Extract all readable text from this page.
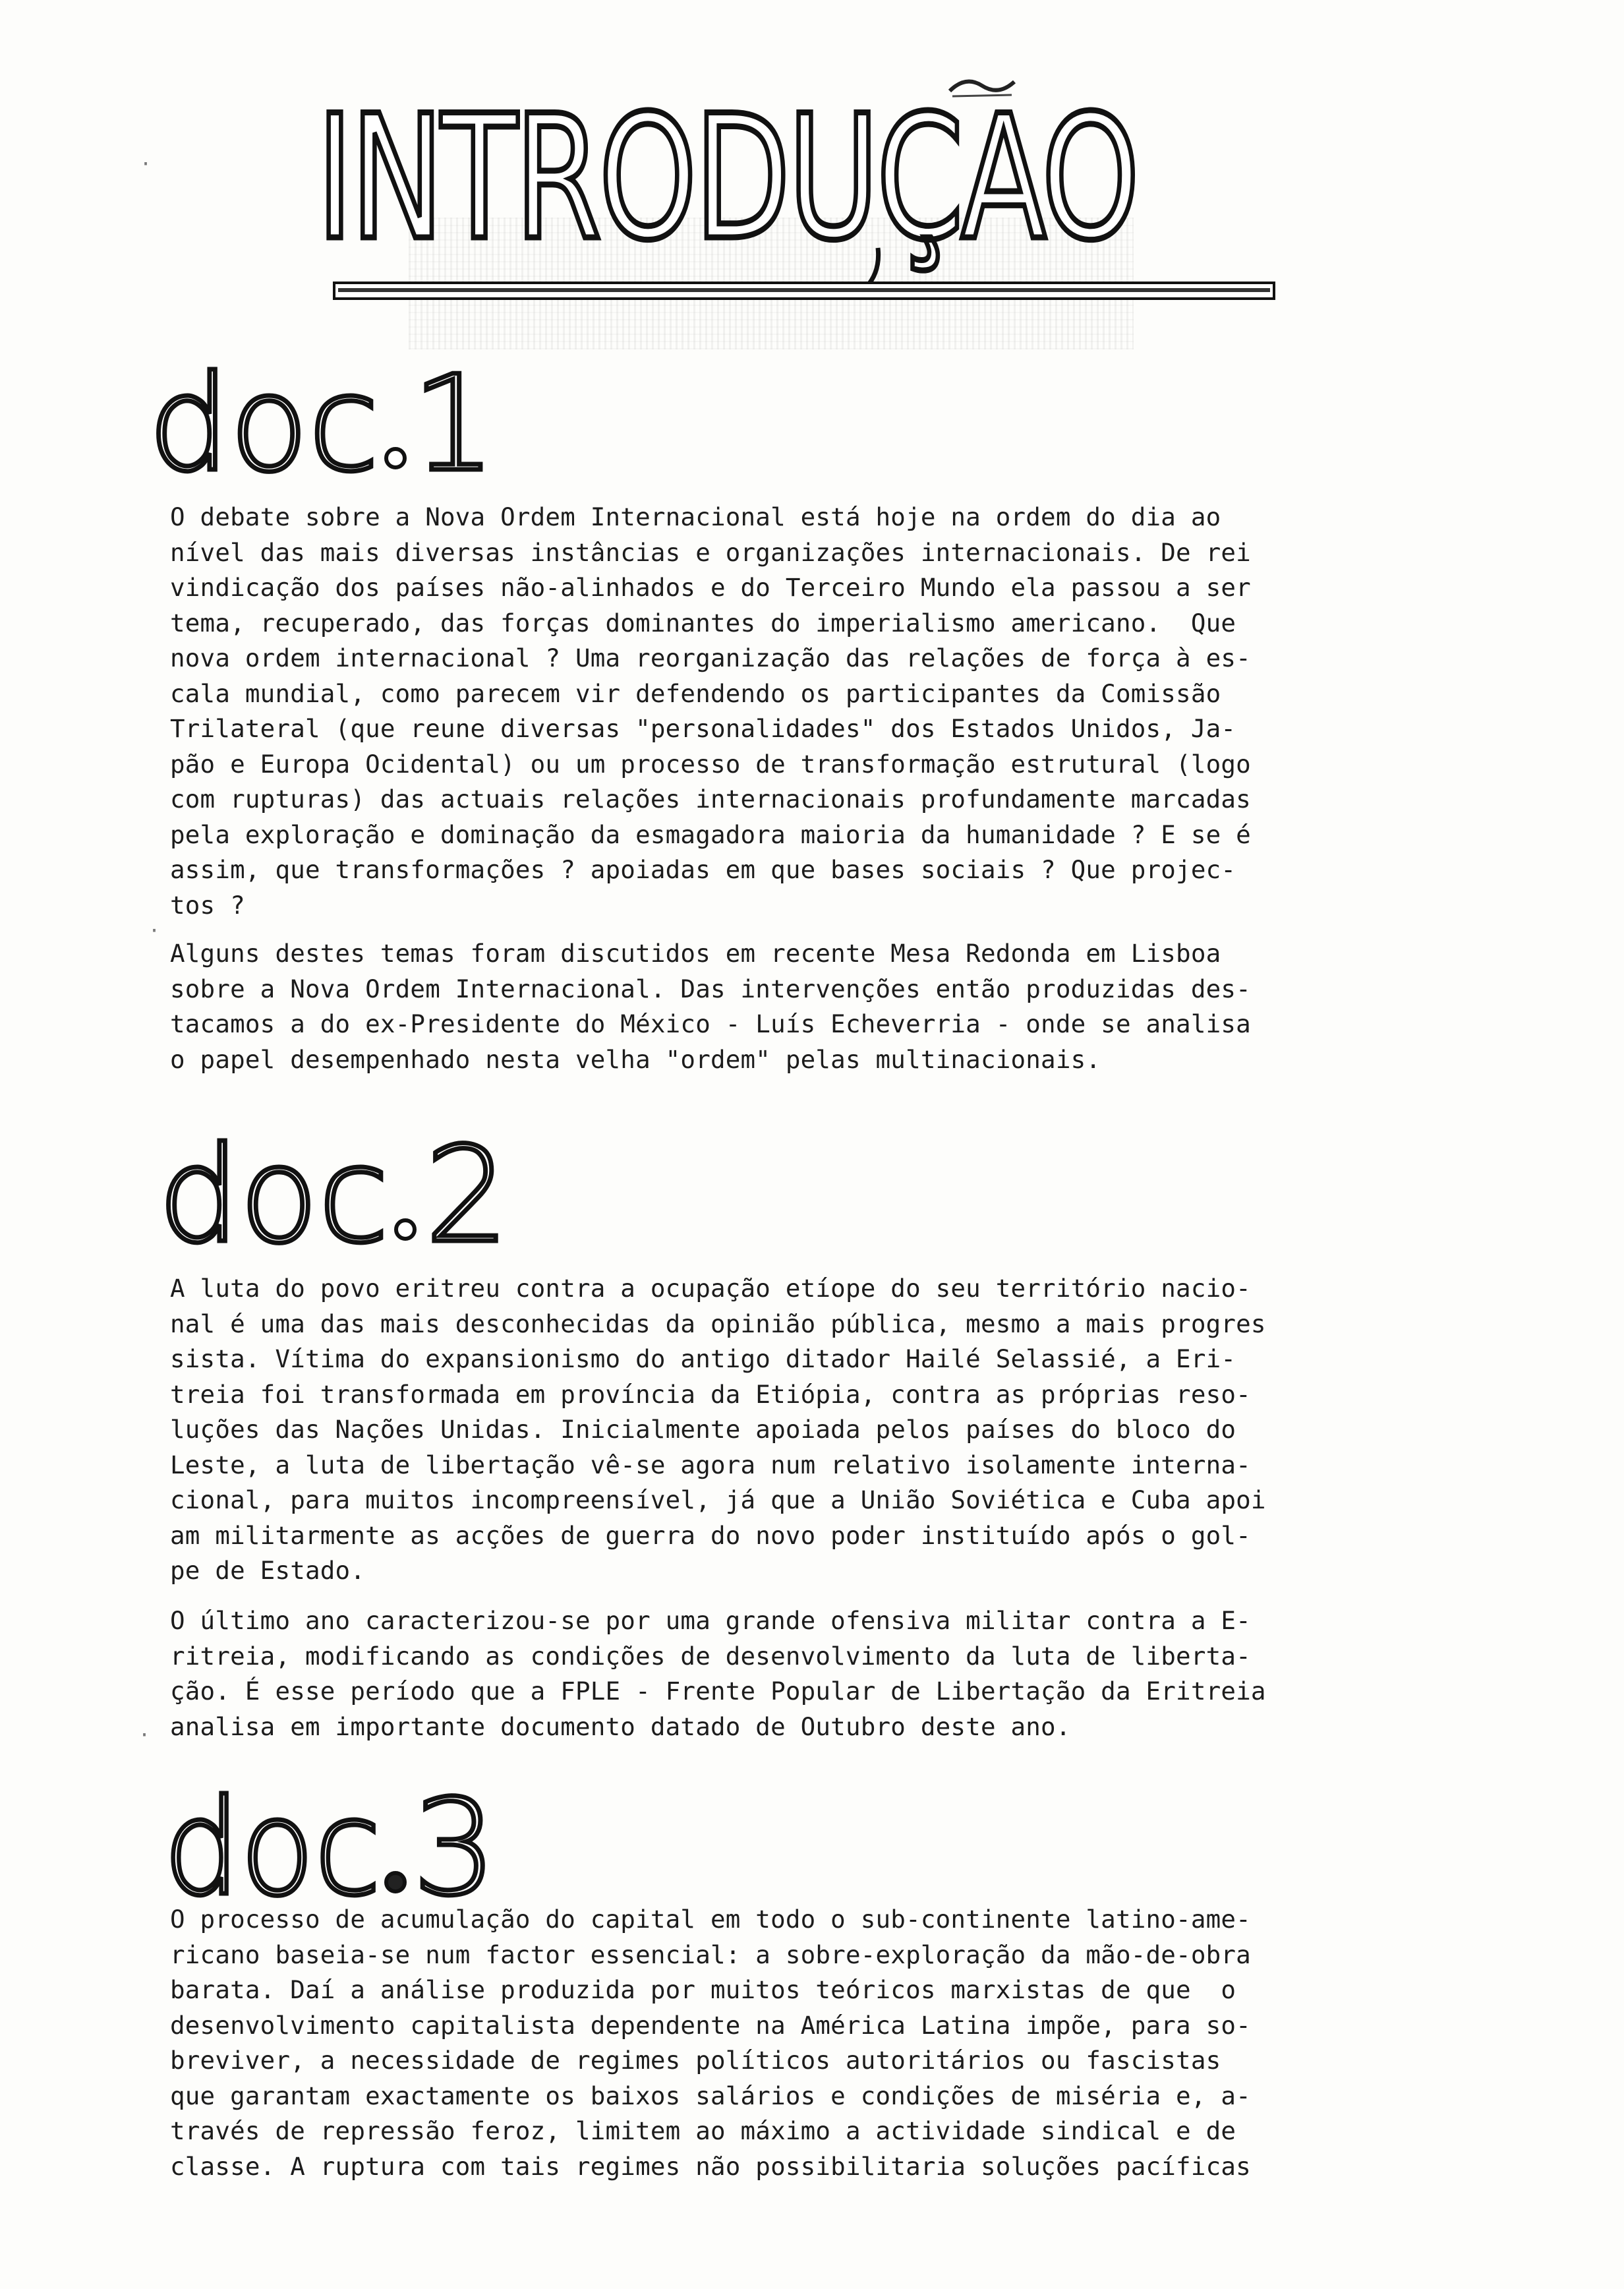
INTRODUÇAO
doc 1
O debate sobre a Nova Ordem Internacional está hoje na ordem do dia ao
nível das mais diversas instâncias e organizações internacionais. De rei
vindicação dos países não-alinhados e do Terceiro Mundo ela passou a ser
tema, recuperado, das forças dominantes do imperialismo americano.  Que
nova ordem internacional ? Uma reorganização das relações de força à es-
cala mundial, como parecem vir defendendo os participantes da Comissão
Trilateral (que reune diversas "personalidades" dos Estados Unidos, Ja-
pão e Europa Ocidental) ou um processo de transformação estrutural (logo
com rupturas) das actuais relações internacionais profundamente marcadas
pela exploração e dominação da esmagadora maioria da humanidade ? E se é
assim, que transformações ? apoiadas em que bases sociais ? Que projec-
tos ?
Alguns destes temas foram discutidos em recente Mesa Redonda em Lisboa
sobre a Nova Ordem Internacional. Das intervenções então produzidas des-
tacamos a do ex-Presidente do México - Luís Echeverria - onde se analisa
o papel desempenhado nesta velha "ordem" pelas multinacionais.
doc 2
A luta do povo eritreu contra a ocupação etíope do seu território nacio-
nal é uma das mais desconhecidas da opinião pública, mesmo a mais progres
sista. Vítima do expansionismo do antigo ditador Hailé Selassié, a Eri-
treia foi transformada em província da Etiópia, contra as próprias reso-
luções das Nações Unidas. Inicialmente apoiada pelos países do bloco do
Leste, a luta de libertação vê-se agora num relativo isolamente interna-
cional, para muitos incompreensível, já que a União Soviética e Cuba apoi
am militarmente as acções de guerra do novo poder instituído após o gol-
pe de Estado.
O último ano caracterizou-se por uma grande ofensiva militar contra a E-
ritreia, modificando as condições de desenvolvimento da luta de liberta-
ção. É esse período que a FPLE - Frente Popular de Libertação da Eritreia
analisa em importante documento datado de Outubro deste ano.
doc 3
O processo de acumulação do capital em todo o sub-continente latino-ame-
ricano baseia-se num factor essencial: a sobre-exploração da mão-de-obra
barata. Daí a análise produzida por muitos teóricos marxistas de que  o
desenvolvimento capitalista dependente na América Latina impõe, para so-
breviver, a necessidade de regimes políticos autoritários ou fascistas
que garantam exactamente os baixos salários e condições de miséria e, a-
través de repressão feroz, limitem ao máximo a actividade sindical e de
classe. A ruptura com tais regimes não possibilitaria soluções pacíficas
·
·
·
